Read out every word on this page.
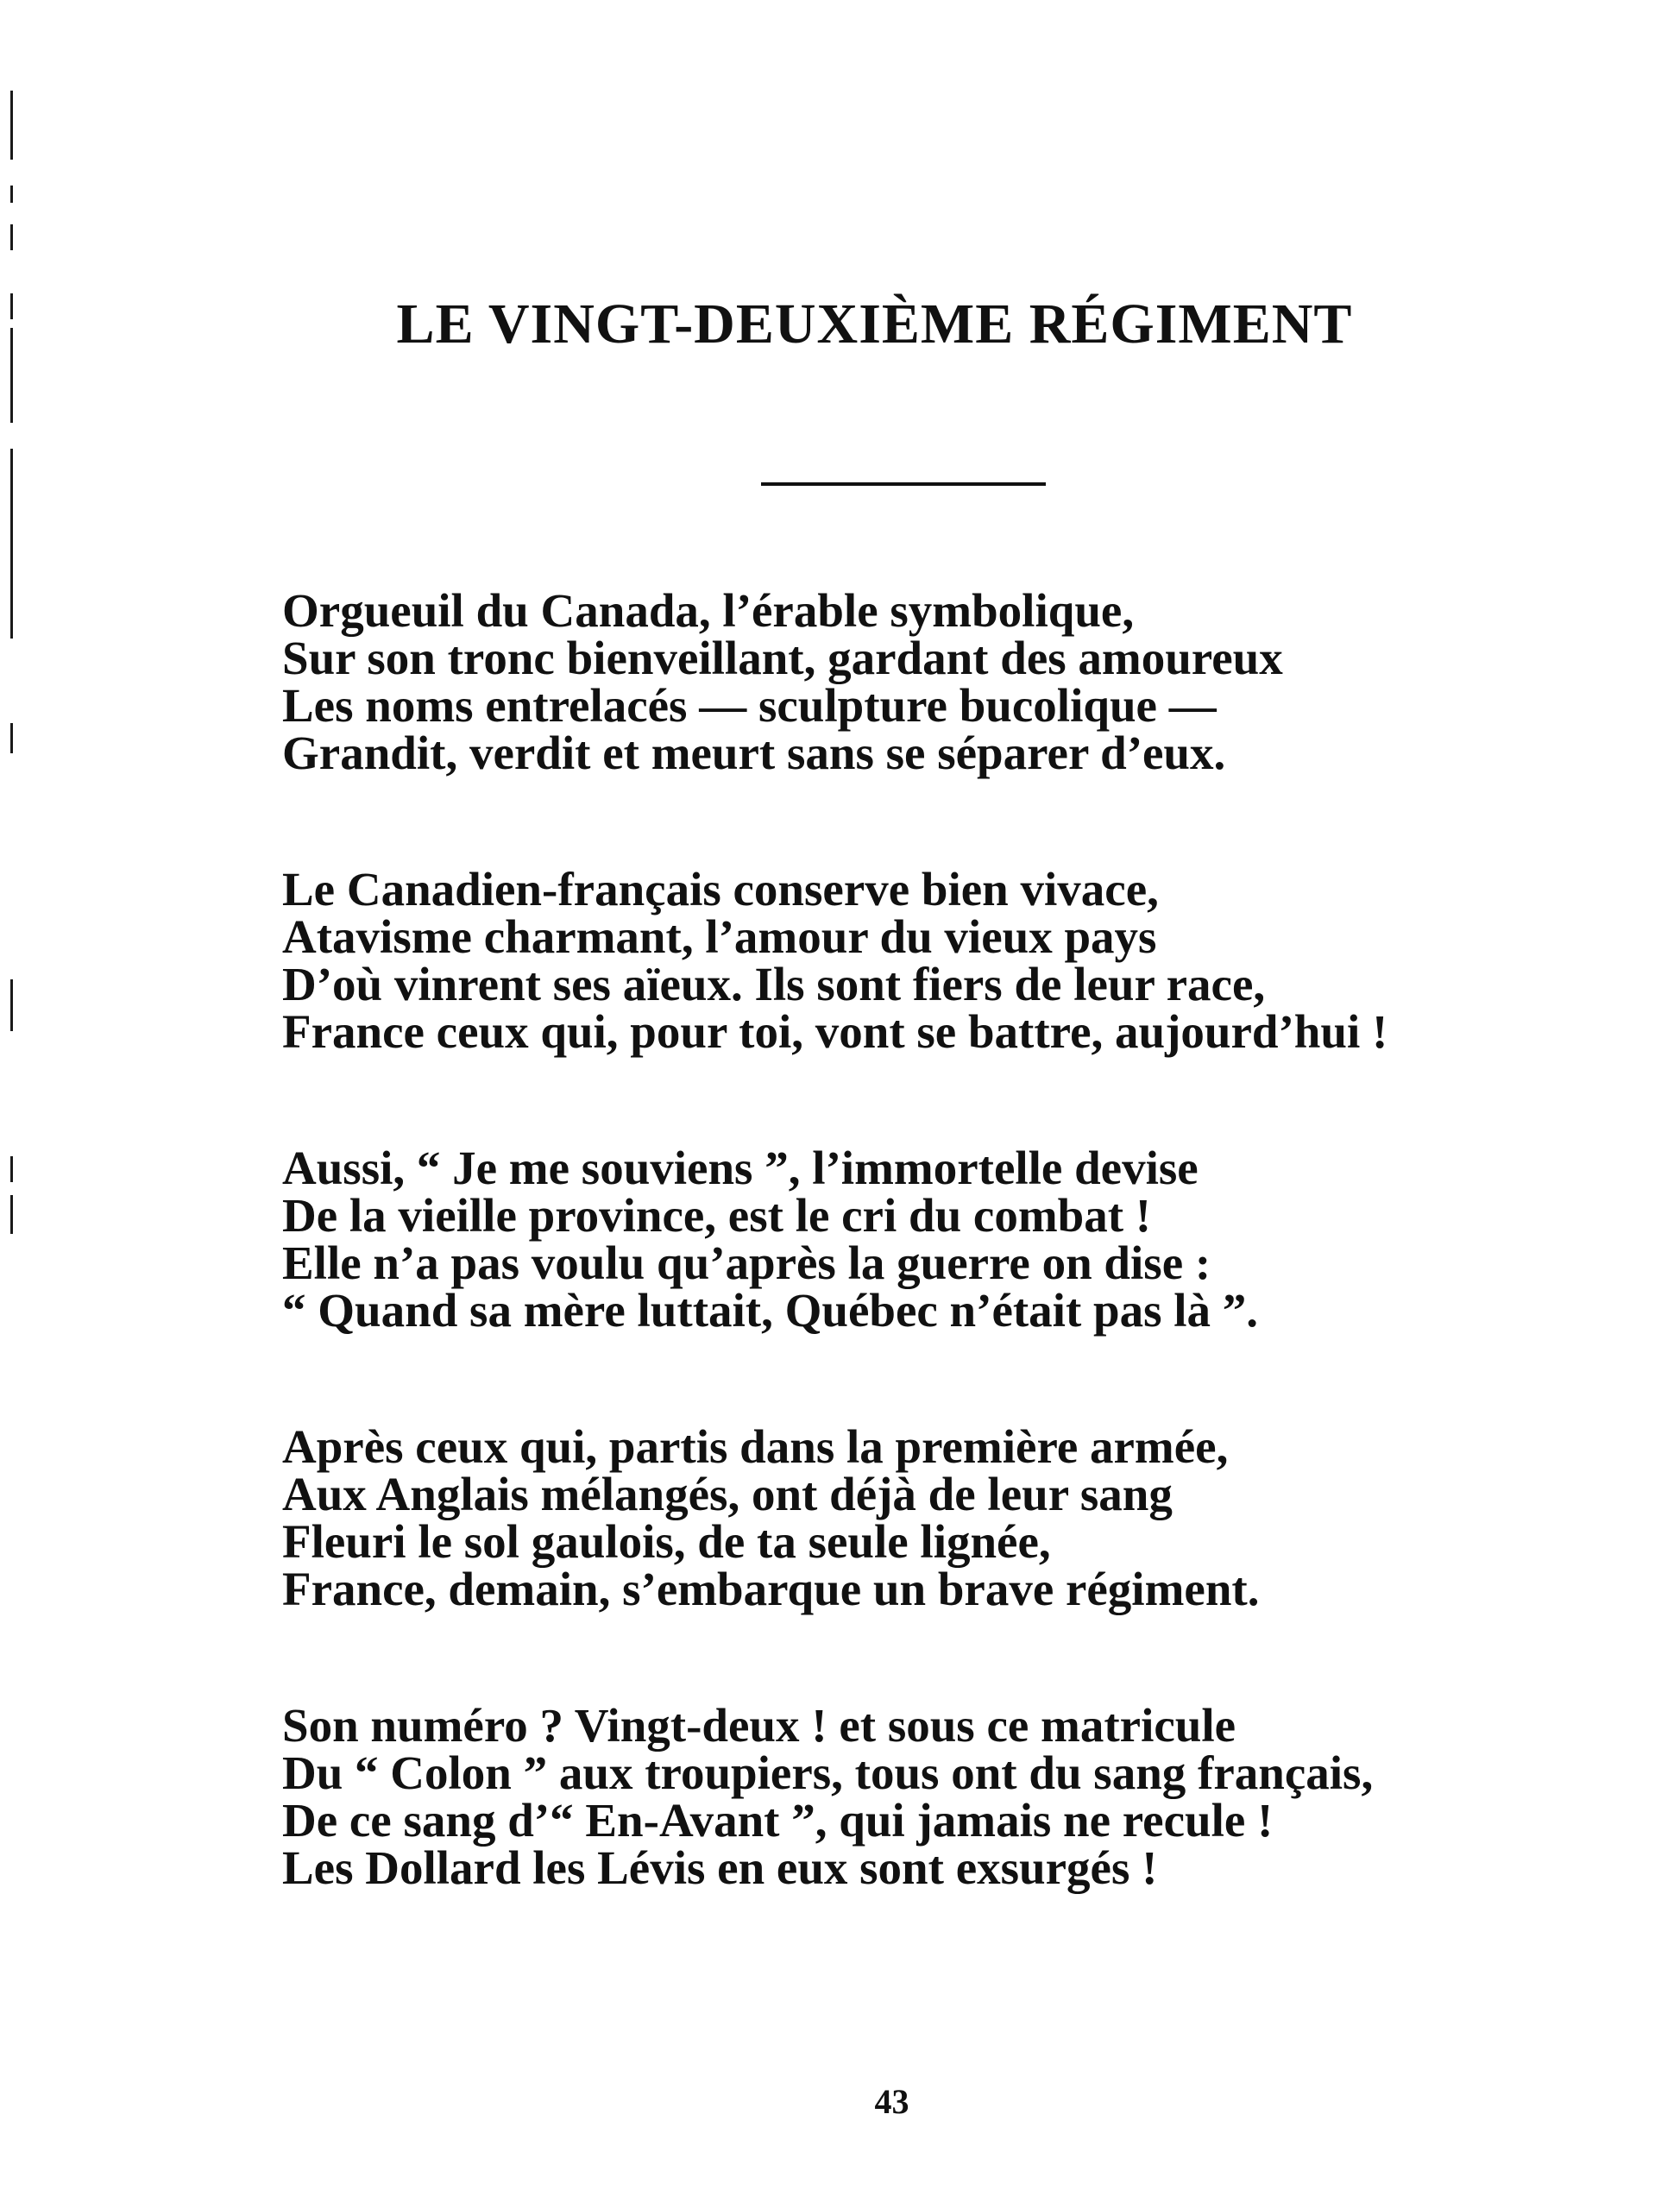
LE VINGT-DEUXIÈME RÉGIMENT
Orgueuil du Canada, l’érable symbolique,
Sur son tronc bienveillant, gardant des amoureux
Les noms entrelacés — sculpture bucolique —
Grandit, verdit et meurt sans se séparer d’eux.
Le Canadien-français conserve bien vivace,
Atavisme charmant, l’amour du vieux pays
D’où vinrent ses aïeux. Ils sont fiers de leur race,
France ceux qui, pour toi, vont se battre, aujourd’hui !
Aussi, “ Je me souviens ”, l’immortelle devise
De la vieille province, est le cri du combat !
Elle n’a pas voulu qu’après la guerre on dise :
“ Quand sa mère luttait, Québec n’était pas là ”.
Après ceux qui, partis dans la première armée,
Aux Anglais mélangés, ont déjà de leur sang
Fleuri le sol gaulois, de ta seule lignée,
France, demain, s’embarque un brave régiment.
Son numéro ? Vingt-deux ! et sous ce matricule
Du “ Colon ” aux troupiers, tous ont du sang français,
De ce sang d’“ En-Avant ”, qui jamais ne recule !
Les Dollard les Lévis en eux sont exsurgés !
43
